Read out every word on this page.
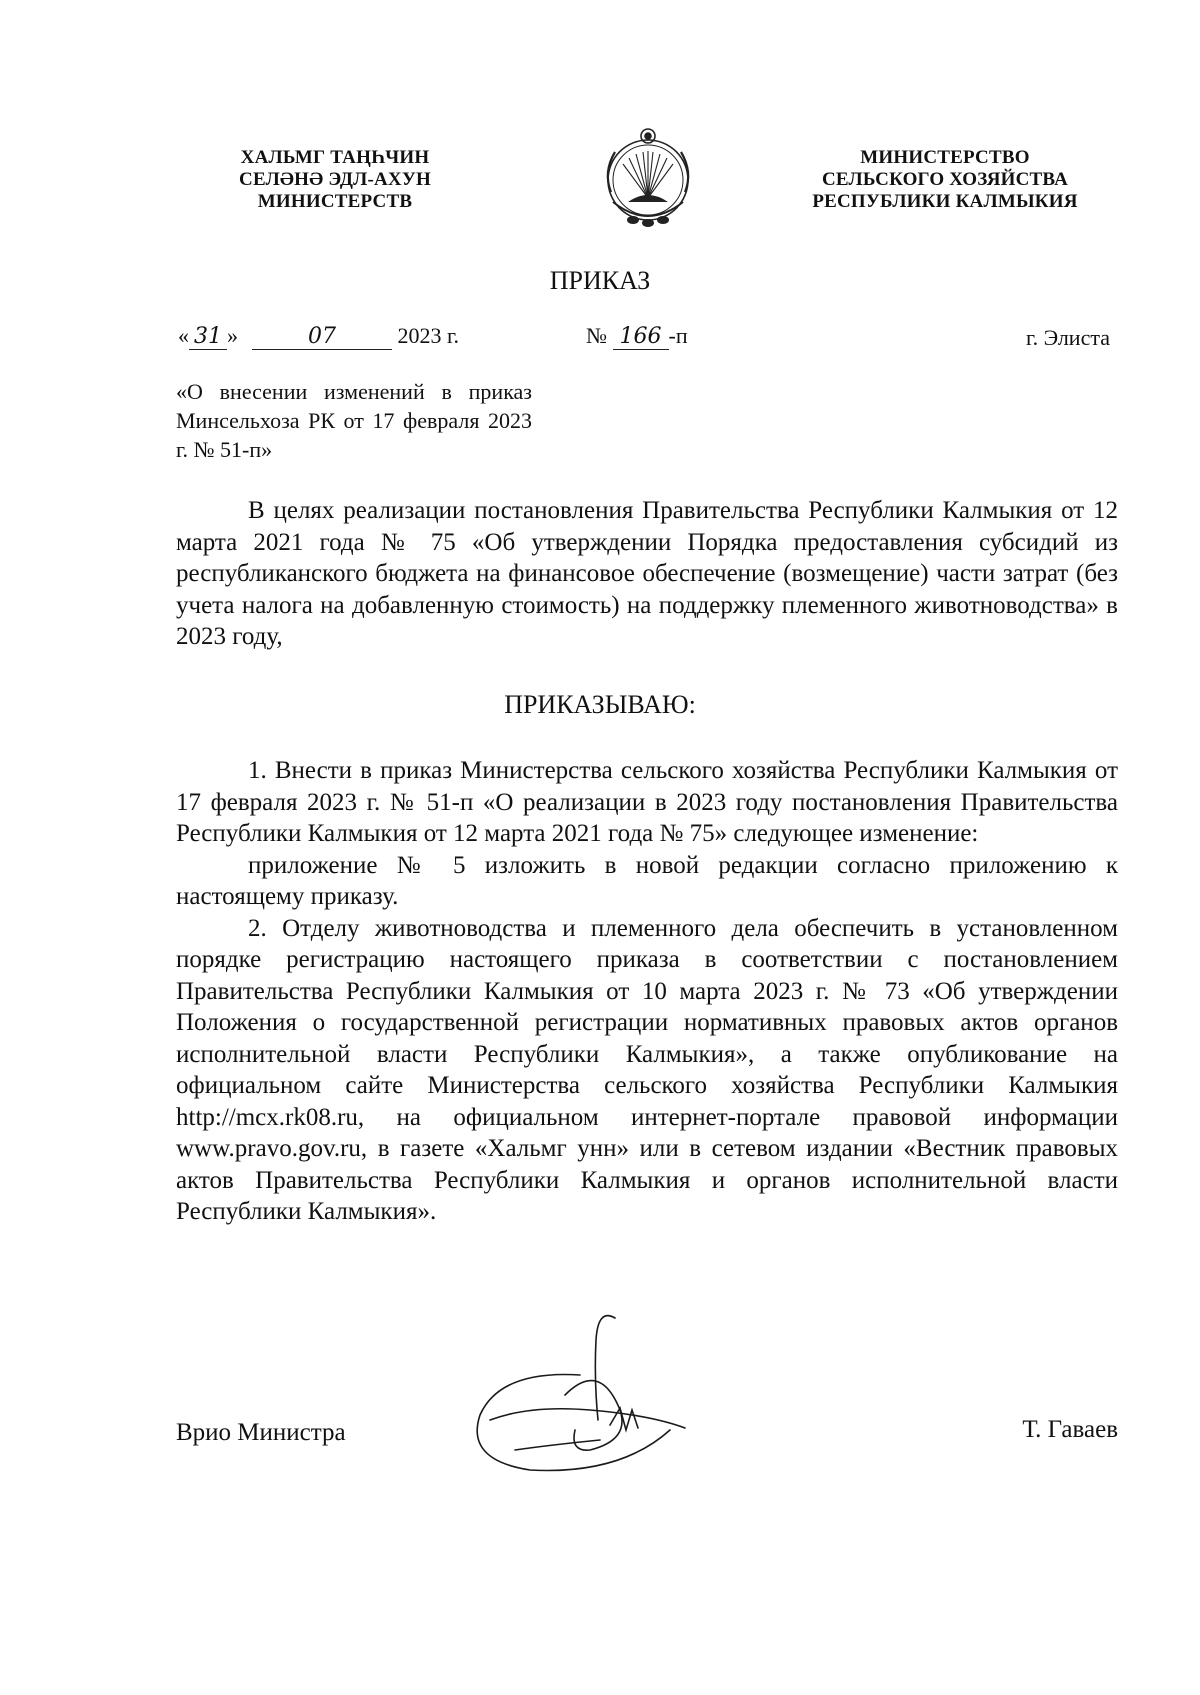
ХАЛЬМГ ТАҢҺЧИН
СЕЛӘНӘ ЭДЛ-АХУН
МИНИСТЕРСТВ
МИНИСТЕРСТВО
СЕЛЬСКОГО ХОЗЯЙСТВА
РЕСПУБЛИКИ КАЛМЫКИЯ
ПРИКАЗ
« 31 »	07	2023 г.	№ 166 -п	г. Элиста
«О внесении изменений в приказ Минсельхоза РК от 17 февраля 2023 г. № 51-п»

В целях реализации постановления Правительства Республики Калмыкия от 12 марта 2021 года № 75 «Об утверждении Порядка предоставления субсидий из республиканского бюджета на финансовое обеспечение (возмещение) части затрат (без учета налога на добавленную стоимость) на поддержку племенного животноводства» в 2023 году,

ПРИКАЗЫВАЮ:

1. Внести в приказ Министерства сельского хозяйства Республики Калмыкия от 17 февраля 2023 г. № 51-п «О реализации в 2023 году постановления Правительства Республики Калмыкия от 12 марта 2021 года № 75» следующее изменение:

приложение № 5 изложить в новой редакции согласно приложению к настоящему приказу.

2. Отделу животноводства и племенного дела обеспечить в установленном порядке регистрацию настоящего приказа в соответствии с постановлением Правительства Республики Калмыкия от 10 марта 2023 г. № 73 «Об утверждении Положения о государственной регистрации нормативных правовых актов органов исполнительной власти Республики Калмыкия», а также опубликование на официальном сайте Министерства сельского хозяйства Республики Калмыкия http://mcx.rk08.ru, на официальном интернет-портале правовой информации www.pravo.gov.ru, в газете «Хальмг унн» или в сетевом издании «Вестник правовых актов Правительства Республики Калмыкия и органов исполнительной власти Республики Калмыкия».

Врио Министра	Т. Гаваев
